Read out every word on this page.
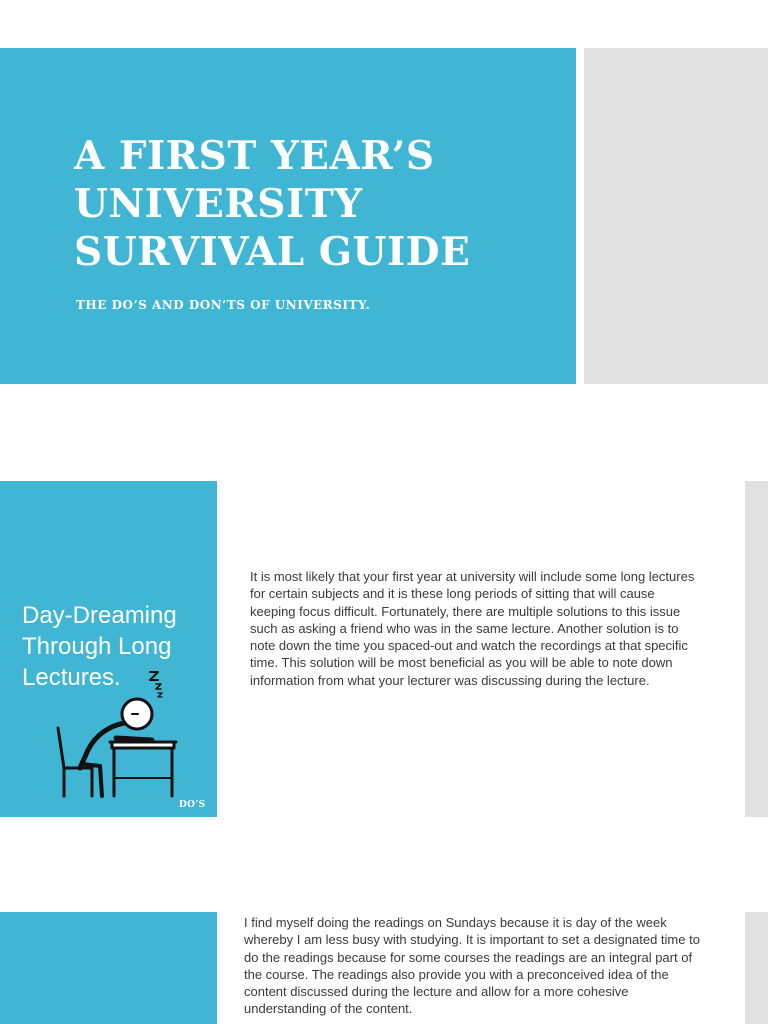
A FIRST YEAR’S UNIVERSITY SURVIVAL GUIDE

THE DO’S AND DON’TS OF UNIVERSITY.

Day-Dreaming Through Long Lectures.
DO’S

It is most likely that your first year at university will include some long lectures for certain subjects and it is these long periods of sitting that will cause keeping focus difficult. Fortunately, there are multiple solutions to this issue such as asking a friend who was in the same lecture. Another solution is to note down the time you spaced-out and watch the recordings at that specific time. This solution will be most beneficial as you will be able to note down information from what your lecturer was discussing during the lecture.

I find myself doing the readings on Sundays because it is day of the week whereby I am less busy with studying. It is important to set a designated time to do the readings because for some courses the readings are an integral part of the course. The readings also provide you with a preconceived idea of the content discussed during the lecture and allow for a more cohesive understanding of the content.
